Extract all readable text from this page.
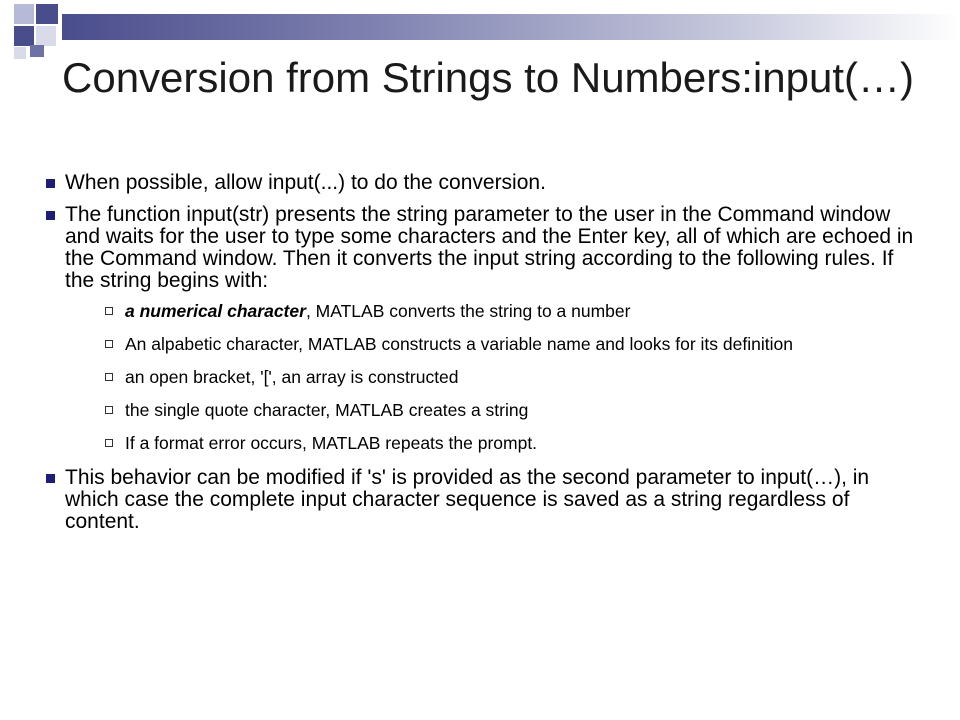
Conversion from Strings to Numbers:input(…)
When possible, allow input(...) to do the conversion.
The function input(str) presents the string parameter to the user in the Command window and waits for the user to type some characters and the Enter key, all of which are echoed in the Command window. Then it converts the input string according to the following rules. If the string begins with:
a numerical character, MATLAB converts the string to a number
An alpabetic character, MATLAB constructs a variable name and looks for its definition
an open bracket, '[', an array is constructed
the single quote character, MATLAB creates a string
If a format error occurs, MATLAB repeats the prompt.
This behavior can be modified if 's' is provided as the second parameter to input(…), in which case the complete input character sequence is saved as a string regardless of content.
